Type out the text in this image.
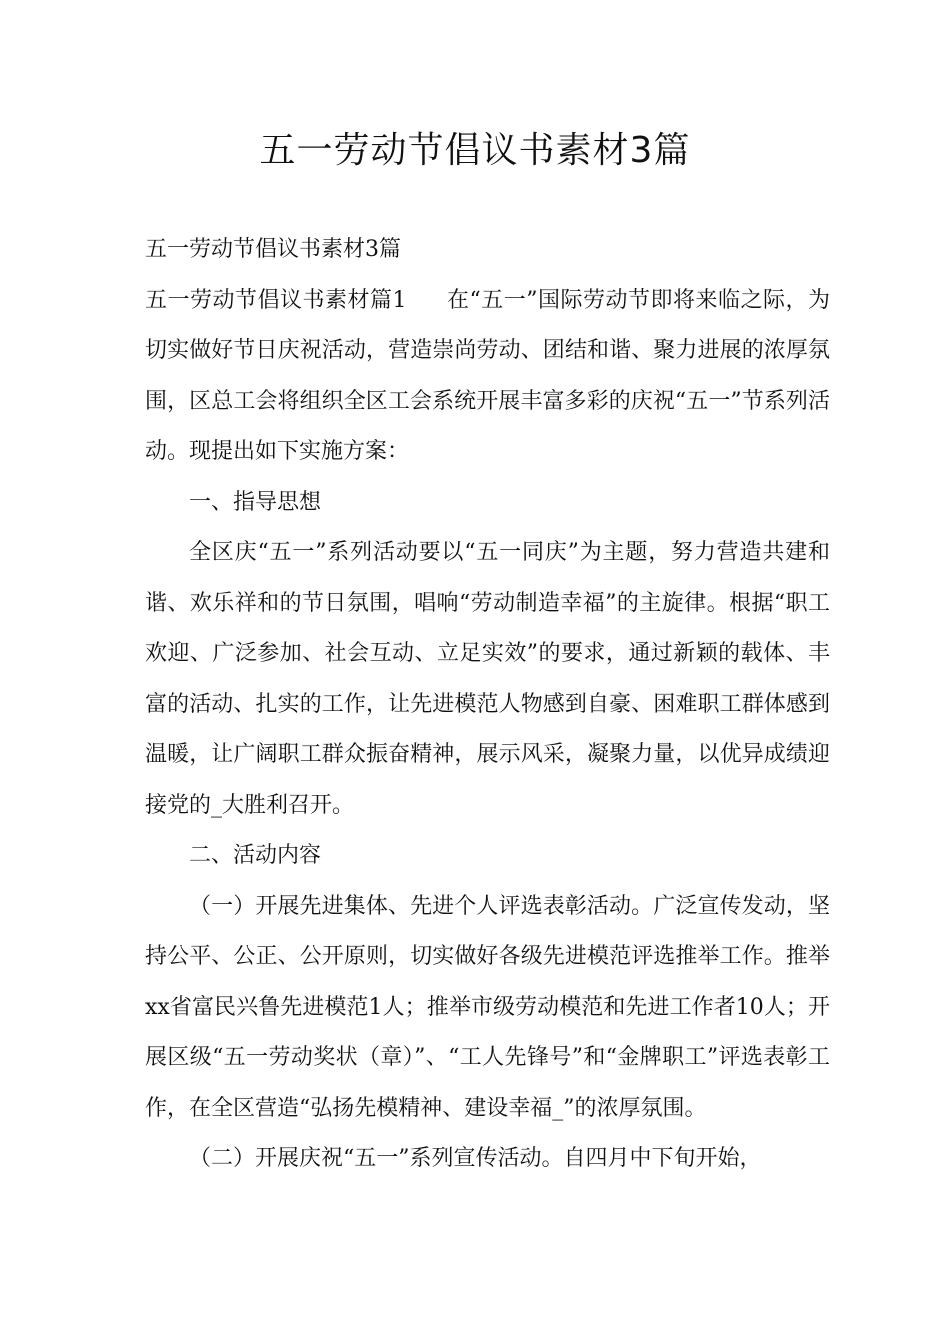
五一劳动节倡议书素材3篇

五一劳动节倡议书素材3篇

五一劳动节倡议书素材篇1 在“五一”国际劳动节即将来临之际，为切实做好节日庆祝活动，营造崇尚劳动、团结和谐、聚力进展的浓厚氛围，区总工会将组织全区工会系统开展丰富多彩的庆祝“五一”节系列活动。现提出如下实施方案：

一、指导思想

全区庆“五一”系列活动要以“五一同庆”为主题，努力营造共建和谐、欢乐祥和的节日氛围，唱响“劳动制造幸福”的主旋律。根据“职工欢迎、广泛参加、社会互动、立足实效”的要求，通过新颖的载体、丰富的活动、扎实的工作，让先进模范人物感到自豪、困难职工群体感到温暖，让广阔职工群众振奋精神，展示风采，凝聚力量，以优异成绩迎接党的_大胜利召开。

二、活动内容

（一）开展先进集体、先进个人评选表彰活动。广泛宣传发动，坚持公平、公正、公开原则，切实做好各级先进模范评选推举工作。推举xx省富民兴鲁先进模范1人；推举市级劳动模范和先进工作者10人；开展区级“五一劳动奖状（章）”、“工人先锋号”和“金牌职工”评选表彰工作，在全区营造“弘扬先模精神、建设幸福_”的浓厚氛围。

（二）开展庆祝“五一”系列宣传活动。自四月中下旬开始，
